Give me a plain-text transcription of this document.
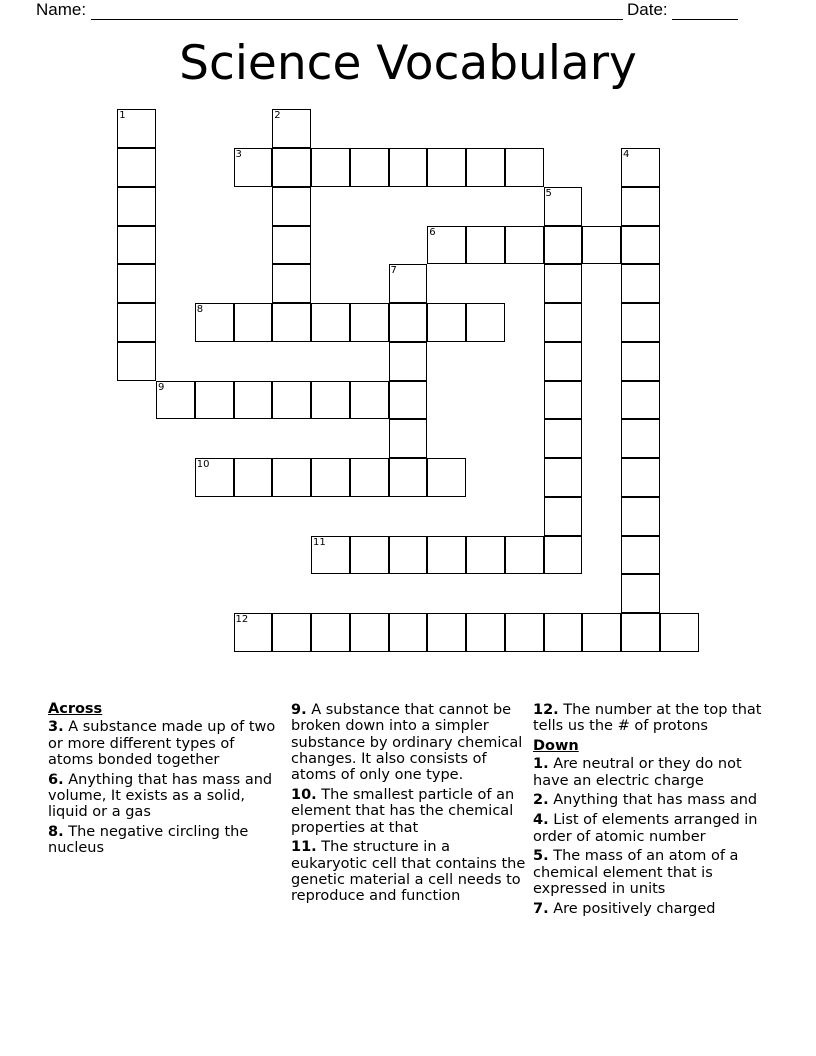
Name:	Date:
Science Vocabulary
1	2
3	4
5
6
7
8
9
10
11
12
Across
3. A substance made up of two or more different types of atoms bonded together
6. Anything that has mass and volume, It exists as a solid, liquid or a gas
8. The negative circling the nucleus
9. A substance that cannot be broken down into a simpler substance by ordinary chemical changes. It also consists of atoms of only one type.
10. The smallest particle of an element that has the chemical properties at that
11. The structure in a eukaryotic cell that contains the genetic material a cell needs to reproduce and function
12. The number at the top that tells us the # of protons
Down
1. Are neutral or they do not have an electric charge
2. Anything that has mass and
4. List of elements arranged in order of atomic number
5. The mass of an atom of a chemical element that is expressed in units
7. Are positively charged
